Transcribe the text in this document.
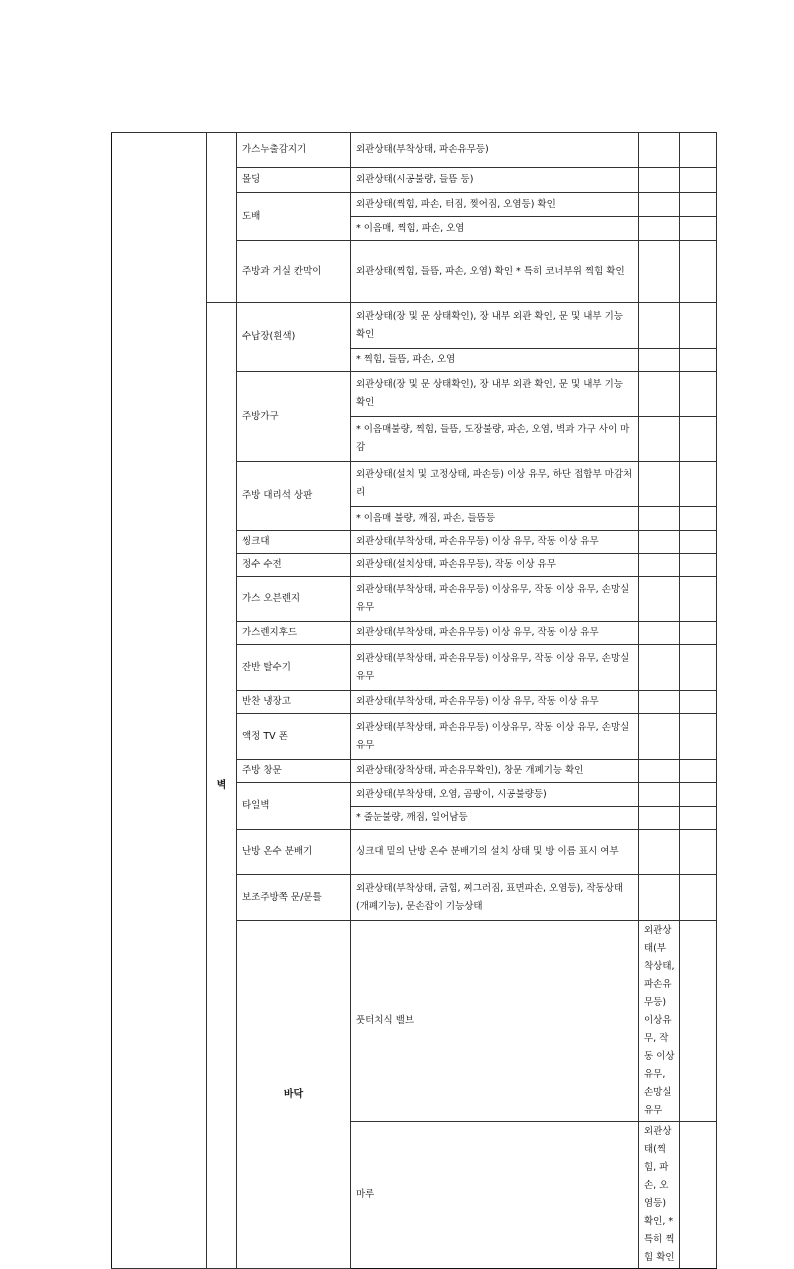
		가스누출감지기	외관상태(부착상태, 파손유무등)			
		몰딩	외관상태(시공불량, 들뜸 등)			
		도배	외관상태(찍힘, 파손, 터짐, 찢어짐, 오염등) 확인			
			* 이음매, 찍힘, 파손, 오염			
		주방과 거실 칸막이	외관상태(찍힘, 들뜸, 파손, 오염) 확인 * 특히 코너부위 찍힘 확인			
	벽	수납장(흰색)	외관상태(장 및 문 상태확인), 장 내부 외관 확인, 문 및 내부 기능 확인			
			* 찍힘, 들뜸, 파손, 오염			
		주방가구	외관상태(장 및 문 상태확인), 장 내부 외관 확인, 문 및 내부 기능 확인			
			* 이음매불량, 찍힘, 들뜸, 도장불량, 파손, 오염, 벽과 가구 사이 마감			
		주방 대리석 상판	외관상태(설치 및 고정상태, 파손등) 이상 유무, 하단 접합부 마감처리			
			* 이음매 불량, 깨짐, 파손, 들뜸등			
		씽크대	외관상태(부착상태, 파손유무등) 이상 유무, 작동 이상 유무			
		정수 수전	외관상태(설치상태, 파손유무등), 작동 이상 유무			
		가스 오븐렌지	외관상태(부착상태, 파손유무등) 이상유무, 작동 이상 유무, 손망실 유무			
		가스렌지후드	외관상태(부착상태, 파손유무등) 이상 유무, 작동 이상 유무			
		잔반 탈수기	외관상태(부착상태, 파손유무등) 이상유무, 작동 이상 유무, 손망실 유무			
		반찬 냉장고	외관상태(부착상태, 파손유무등) 이상 유무, 작동 이상 유무			
		액정 TV 폰	외관상태(부착상태, 파손유무등) 이상유무, 작동 이상 유무, 손망실 유무			
		주방 창문	외관상태(장착상태, 파손유무확인), 창문 개폐기능 확인			
		타일벽	외관상태(부착상태, 오염, 곰팡이, 시공불량등)			
			* 줄눈불량, 깨짐, 일어남등			
		난방 온수 분배기	싱크대 밑의 난방 온수 분배기의 설치 상태 및 방 이름 표시 여부			
		보조주방쪽 문/문틀	외관상태(부착상태, 긁힘, 찌그러짐, 표면파손, 오염등), 작동상태(개폐기능), 문손잡이 기능상태			
		바닥	풋터치식 밸브	외관상태(부착상태, 파손유무등) 이상유무, 작동 이상 유무, 손망실 유무		
			마루	외관상태(찍힘, 파손, 오염등) 확인, * 특히 찍힘 확인		
